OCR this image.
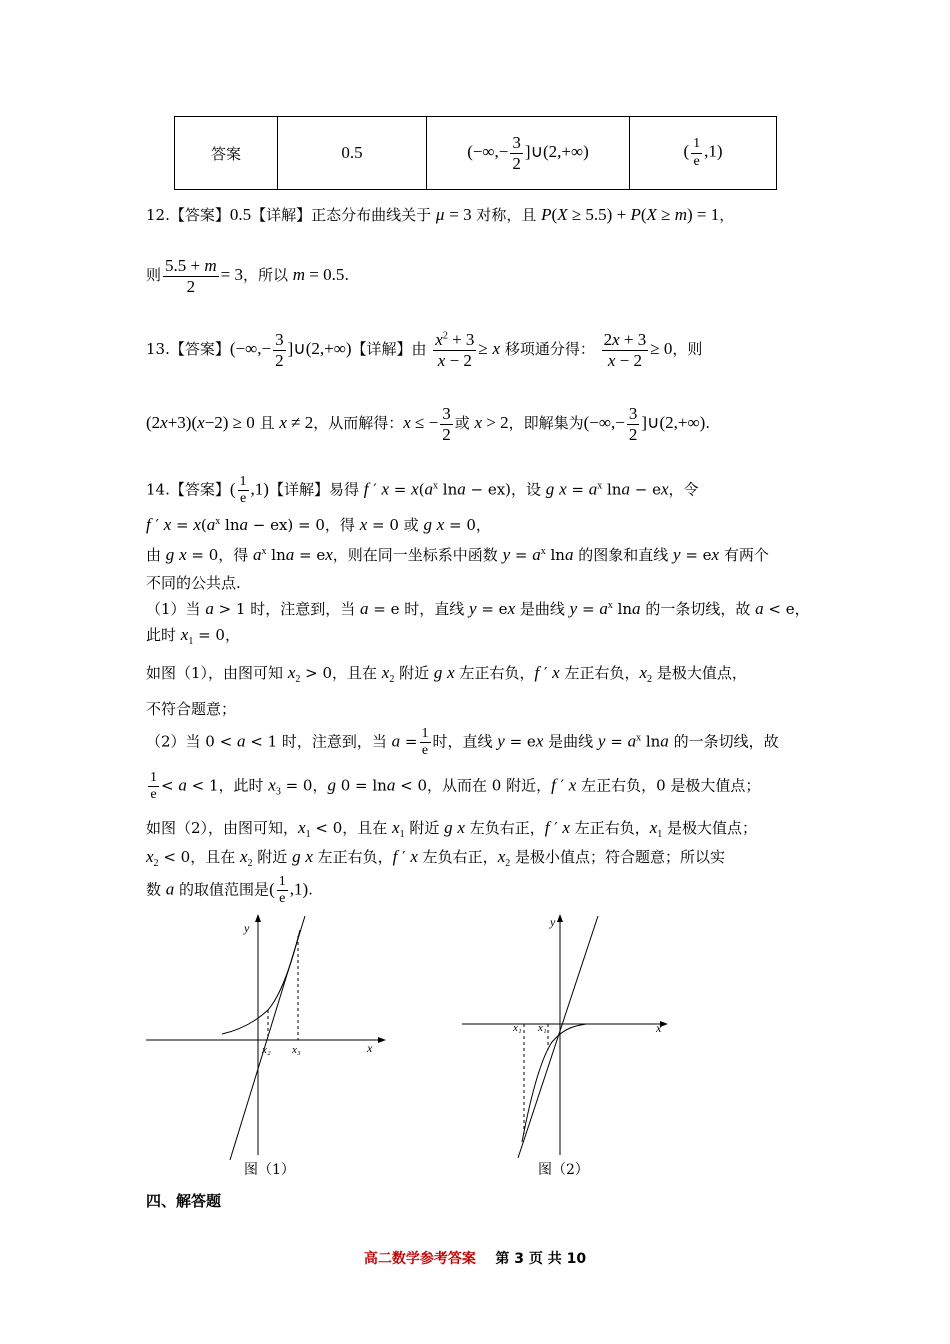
答案	0.5	(−∞,− $\frac{3}{2}$ ]∪(2,+∞)	( $\frac{1}{e} ,1$)
12.【答案】0.5【详解】正态分布曲线关于 μ = 3 对称，且 P(X ≥ 5.5) + P(X ≥ m) = 1，
则 $\frac{5.5 + m}{2} = 3$，所以 m = 0.5.
13.【答案】(−∞,− $\frac{3}{2}$ ]∪(2,+∞)【详解】由 $\frac{x^2 + 3}{x - 2} \ge x$ 移项通分得： $\frac{2x + 3}{x - 2} \ge 0$，则
(2x+3)(x−2) ≥ 0 且 x ≠ 2，从而解得：x ≤ − $\frac{3}{2}$ 或 x > 2，即解集为(−∞,− $\frac{3}{2}$ ]∪(2,+∞).
14.【答案】( $\frac{1}{e} ,1$)【详解】易得 f ′ $x = x(a^x$ lna − ex)，设 g $x = a^x$ lna − ex，令
f ′ $x = x(a^x$ lna − ex) = 0，得 x = 0 或 g x = 0，
由 g x = 0，得 $a^x$ lna = ex，则在同一坐标系中函数 $y = a^x$ lna 的图象和直线 y = ex 有两个
不同的公共点.
（1）当 a > 1 时，注意到，当 a = e 时，直线 y = ex 是曲线 $y = a^x$ lna 的一条切线，故 a < e，
此时 $x_1 = 0$，
如图（1），由图可知 $x_2 > 0$，且在 $x_2$ 附近 g x 左正右负，f ′ x 左正右负，$x_2$ 是极大值点，
不符合题意；
（2）当 0 < a < 1 时，注意到，当 $a = \frac{1}{e}$ 时，直线 y = ex 是曲线 $y = a^x$ lna 的一条切线，故
$\frac{1}{e} < a < 1$，此时 $x_3 = 0$，g 0 = lna < 0，从而在 0 附近，f ′ x 左正右负，0 是极大值点；
如图（2），由图可知，$x_1 < 0$，且在 $x_1$ 附近 g x 左负右正，f ′ x 左正右负，$x_1$ 是极大值点；
$x_2 < 0$，且在 $x_2$ 附近 g x 左正右负，f ′ x 左负右正，$x_2$ 是极小值点；符合题意；所以实
数 a 的取值范围是( $\frac{1}{e} ,1$).
y
x
x₂ x₃
图（1）
y
x
x₁ x₁
图（2）
四、解答题
高二数学参考答案 第 3 页 共 10
